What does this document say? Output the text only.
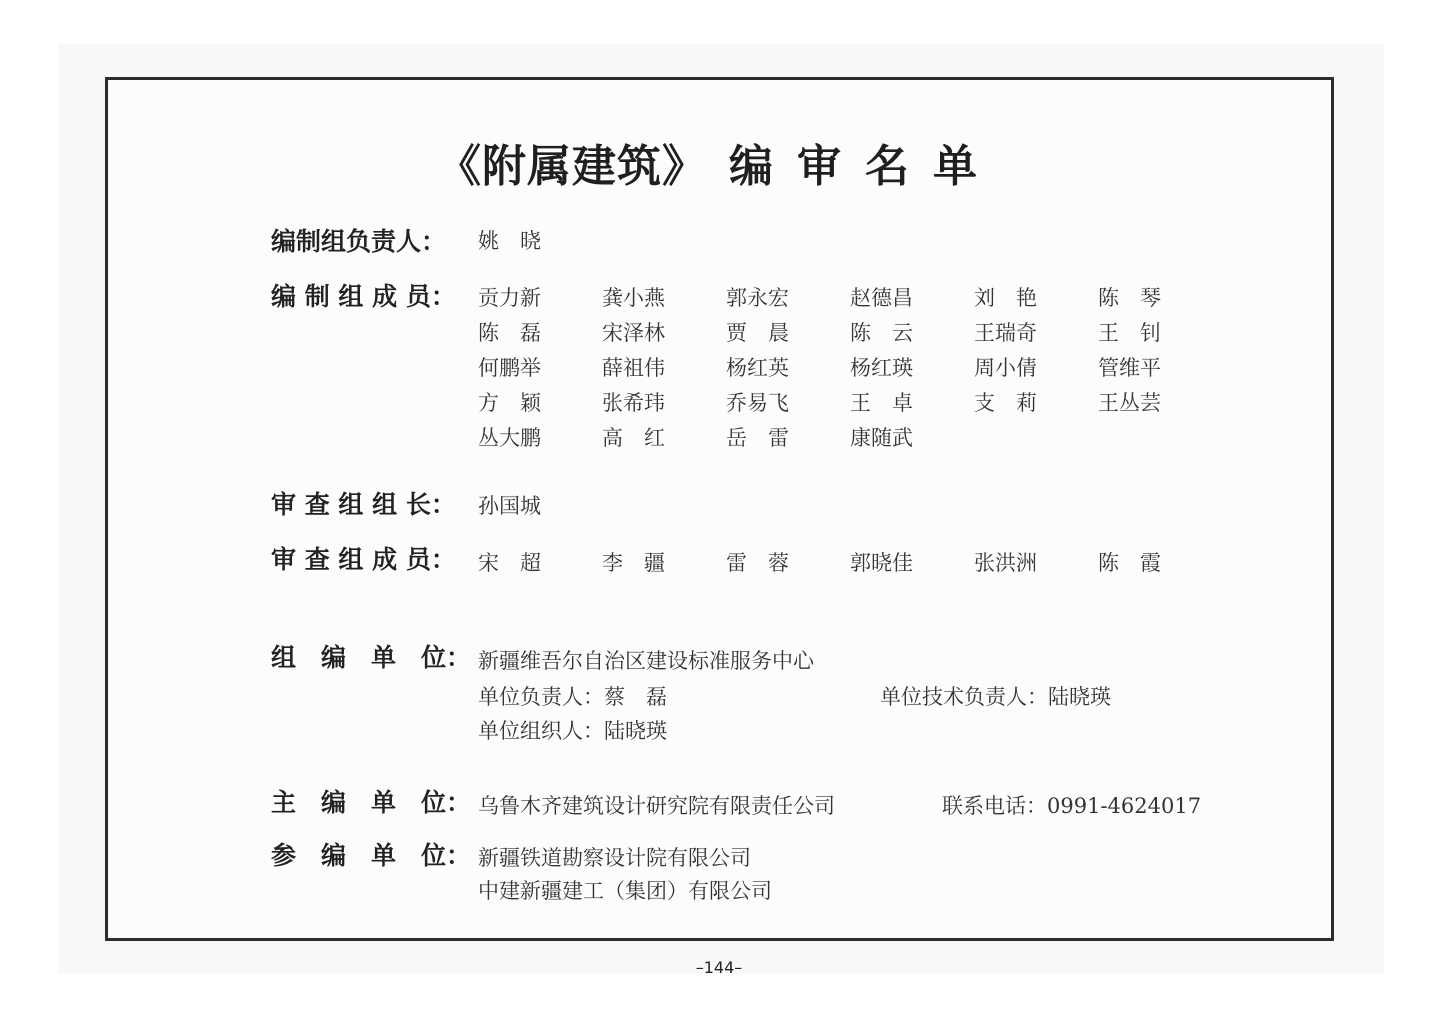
《附属建筑》 编审名单
编制组负责人： 姚　晓
编 制 组 成 员： 贡力新	龚小燕	郭永宏	赵德昌	刘　艳	陈　琴
陈　磊	宋泽林	贾　晨	陈　云	王瑞奇	王　钊
何鹏举	薛祖伟	杨红英	杨红瑛	周小倩	管维平
方　颖	张希玮	乔易飞	王　卓	支　莉	王丛芸
丛大鹏	高　红	岳　雷	康随武
审 查 组 组 长： 孙国城
审 查 组 成 员： 宋　超	李　疆	雷　蓉	郭晓佳	张洪洲	陈　霞
组　编　单　位： 新疆维吾尔自治区建设标准服务中心
单位负责人：蔡　磊	单位技术负责人：陆晓瑛
单位组织人：陆晓瑛
主　编　单　位： 乌鲁木齐建筑设计研究院有限责任公司	联系电话：0991-4624017
参　编　单　位： 新疆铁道勘察设计院有限公司
中建新疆建工（集团）有限公司
–144–
